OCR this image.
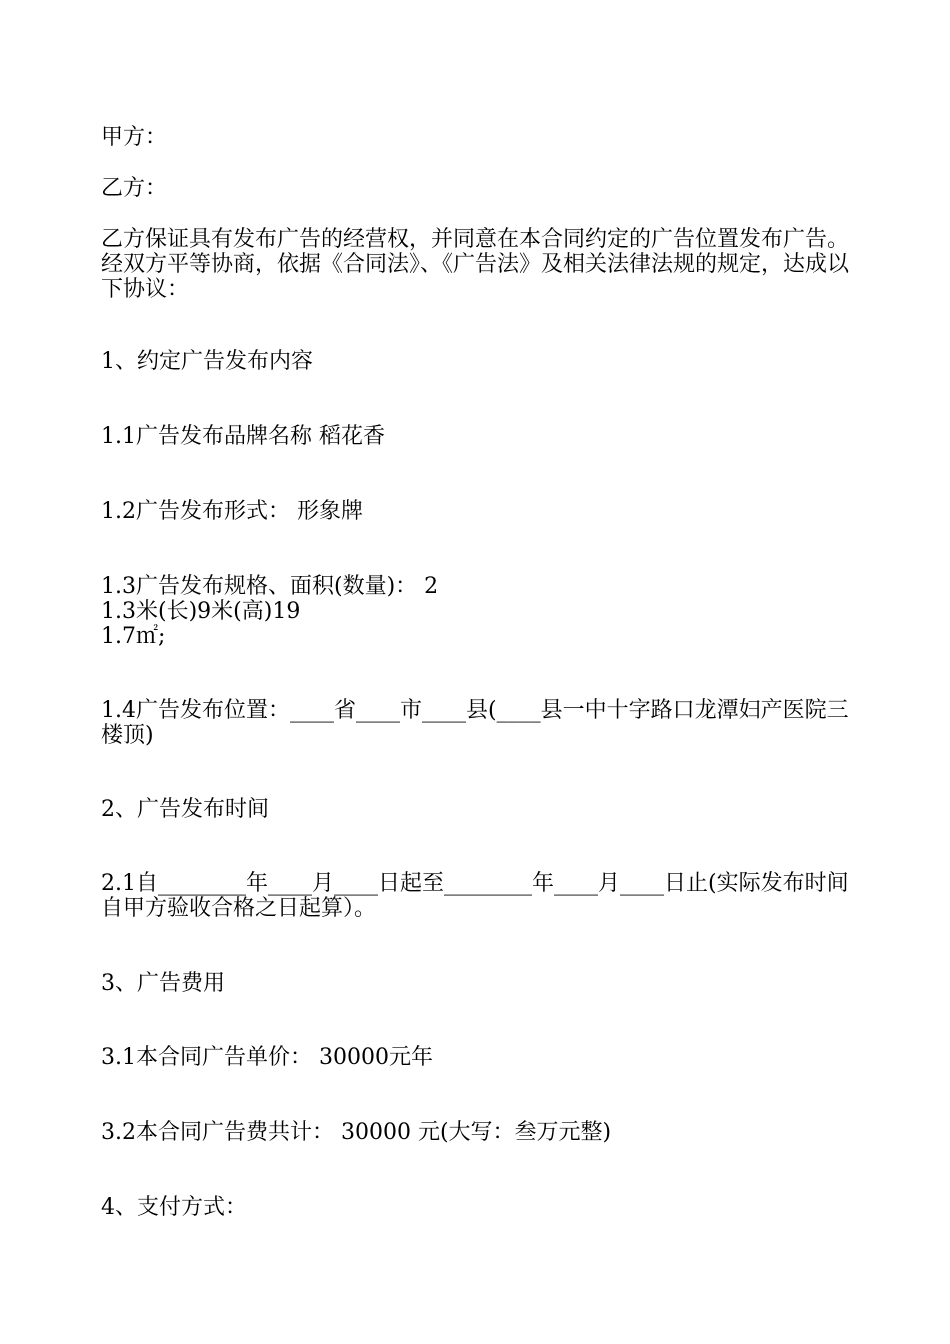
甲方：

乙方：

乙方保证具有发布广告的经营权，并同意在本合同约定的广告位置发布广告。经双方平等协商，依据《合同法》、《广告法》及相关法律法规的规定，达成以下协议：

1、约定广告发布内容

1.1广告发布品牌名称 稻花香

1.2广告发布形式： 形象牌

1.3广告发布规格、面积(数量)： 2
1.3米(长)9米(高)19
1.7㎡;

1.4广告发布位置：____省____市____县(____县一中十字路口龙潭妇产医院三楼顶)

2、广告发布时间

2.1自________年____月____日起至________年____月____日止(实际发布时间自甲方验收合格之日起算）。

3、广告费用

3.1本合同广告单价： 30000元年

3.2本合同广告费共计： 30000 元(大写：叁万元整)

4、支付方式：
